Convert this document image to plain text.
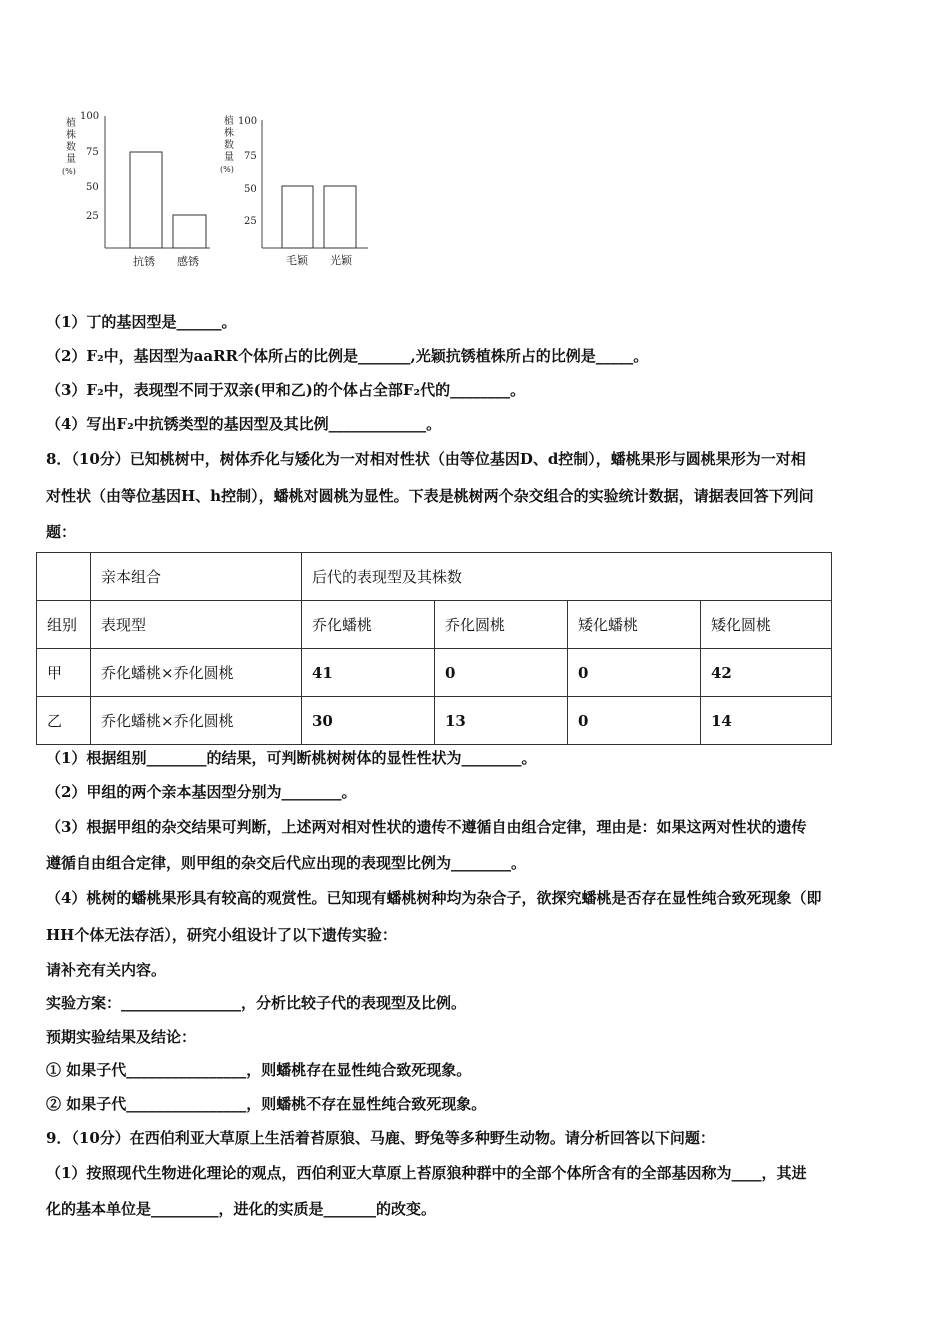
植
株
数
量
(%)
100
75
50
25
抗锈 感锈
植
株
数
量
(%)
100
75
50
25
毛颖 光颖
（1）丁的基因型是______。
（2）F₂中，基因型为aaRR个体所占的比例是_______,光颖抗锈植株所占的比例是_____。
（3）F₂中，表现型不同于双亲(甲和乙)的个体占全部F₂代的________。
（4）写出F₂中抗锈类型的基因型及其比例_____________。
8．（10分）已知桃树中，树体乔化与矮化为一对相对性状（由等位基因D、d控制），蟠桃果形与圆桃果形为一对相
对性状（由等位基因H、h控制），蟠桃对圆桃为显性。下表是桃树两个杂交组合的实验统计数据，请据表回答下列问
题：
	亲本组合	后代的表现型及其株数			
组别	表现型	乔化蟠桃	乔化圆桃	矮化蟠桃	矮化圆桃
甲	乔化蟠桃×乔化圆桃	41	0	0	42
乙	乔化蟠桃×乔化圆桃	30	13	0	14
（1）根据组别________的结果，可判断桃树树体的显性性状为________。
（2）甲组的两个亲本基因型分别为________。
（3）根据甲组的杂交结果可判断，上述两对相对性状的遗传不遵循自由组合定律，理由是：如果这两对性状的遗传
遵循自由组合定律，则甲组的杂交后代应出现的表现型比例为________。
（4）桃树的蟠桃果形具有较高的观赏性。已知现有蟠桃树种均为杂合子，欲探究蟠桃是否存在显性纯合致死现象（即
HH个体无法存活），研究小组设计了以下遗传实验：
请补充有关内容。
实验方案：________________，分析比较子代的表现型及比例。
预期实验结果及结论：
① 如果子代________________，则蟠桃存在显性纯合致死现象。
② 如果子代________________，则蟠桃不存在显性纯合致死现象。
9．（10分）在西伯利亚大草原上生活着苔原狼、马鹿、野兔等多种野生动物。请分析回答以下问题：
（1）按照现代生物进化理论的观点，西伯利亚大草原上苔原狼种群中的全部个体所含有的全部基因称为____，其进
化的基本单位是_________，进化的实质是_______的改变。
